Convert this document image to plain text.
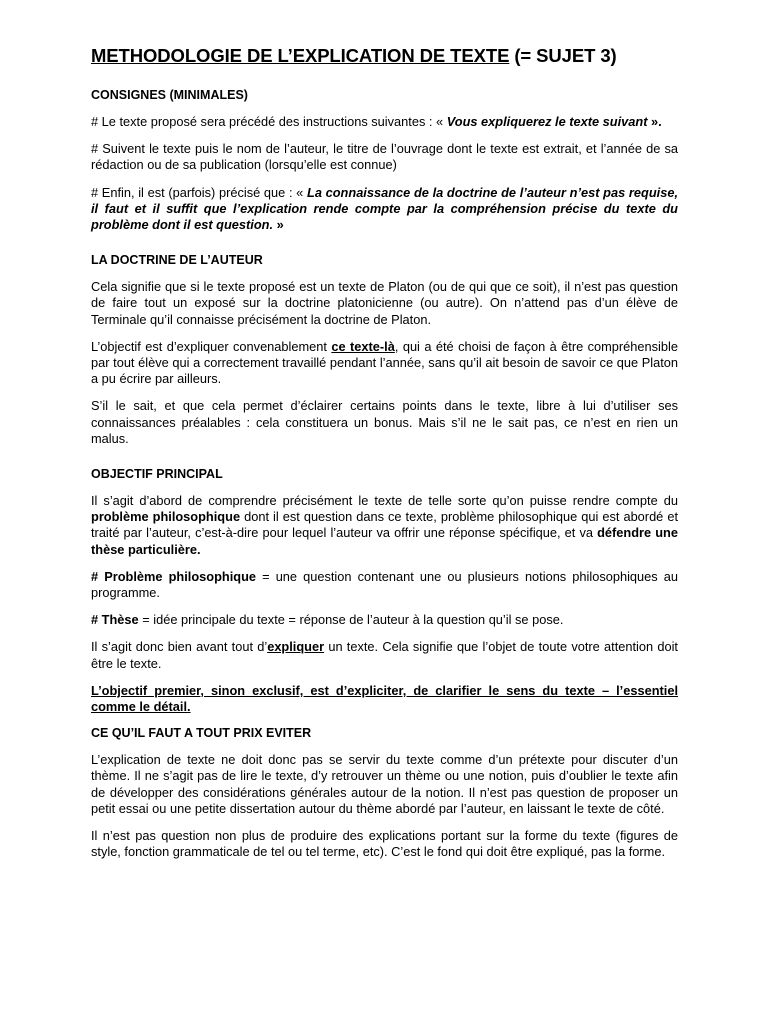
METHODOLOGIE DE L’EXPLICATION DE TEXTE (= SUJET 3)
CONSIGNES (MINIMALES)

# Le texte proposé sera précédé des instructions suivantes : « Vous expliquerez le texte suivant ».

# Suivent le texte puis le nom de l’auteur, le titre de l’ouvrage dont le texte est extrait, et l’année de sa rédaction ou de sa publication (lorsqu’elle est connue)

# Enfin, il est (parfois) précisé que : « La connaissance de la doctrine de l’auteur n’est pas requise, il faut et il suffit que l’explication rende compte par la compréhension précise du texte du problème dont il est question. »

LA DOCTRINE DE L’AUTEUR

Cela signifie que si le texte proposé est un texte de Platon (ou de qui que ce soit), il n’est pas question de faire tout un exposé sur la doctrine platonicienne (ou autre). On n’attend pas d’un élève de Terminale qu’il connaisse précisément la doctrine de Platon.

L’objectif est d’expliquer convenablement ce texte-là, qui a été choisi de façon à être compréhensible par tout élève qui a correctement travaillé pendant l’année, sans qu’il ait besoin de savoir ce que Platon a pu écrire par ailleurs.

S’il le sait, et que cela permet d’éclairer certains points dans le texte, libre à lui d’utiliser ses connaissances préalables : cela constituera un bonus. Mais s’il ne le sait pas, ce n’est en rien un malus.

OBJECTIF PRINCIPAL

Il s’agit d’abord de comprendre précisément le texte de telle sorte qu’on puisse rendre compte du problème philosophique dont il est question dans ce texte, problème philosophique qui est abordé et traité par l’auteur, c’est-à-dire pour lequel l’auteur va offrir une réponse spécifique, et va défendre une thèse particulière.

# Problème philosophique = une question contenant une ou plusieurs notions philosophiques au programme.

# Thèse = idée principale du texte = réponse de l’auteur à la question qu’il se pose.

Il s’agit donc bien avant tout d’expliquer un texte. Cela signifie que l’objet de toute votre attention doit être le texte.

L’objectif premier, sinon exclusif, est d’expliciter, de clarifier le sens du texte – l’essentiel comme le détail.

CE QU’IL FAUT A TOUT PRIX EVITER

L’explication de texte ne doit donc pas se servir du texte comme d’un prétexte pour discuter d’un thème. Il ne s’agit pas de lire le texte, d’y retrouver un thème ou une notion, puis d’oublier le texte afin de développer des considérations générales autour de la notion. Il n’est pas question de proposer un petit essai ou une petite dissertation autour du thème abordé par l’auteur, en laissant le texte de côté.

Il n’est pas question non plus de produire des explications portant sur la forme du texte (figures de style, fonction grammaticale de tel ou tel terme, etc). C’est le fond qui doit être expliqué, pas la forme.
